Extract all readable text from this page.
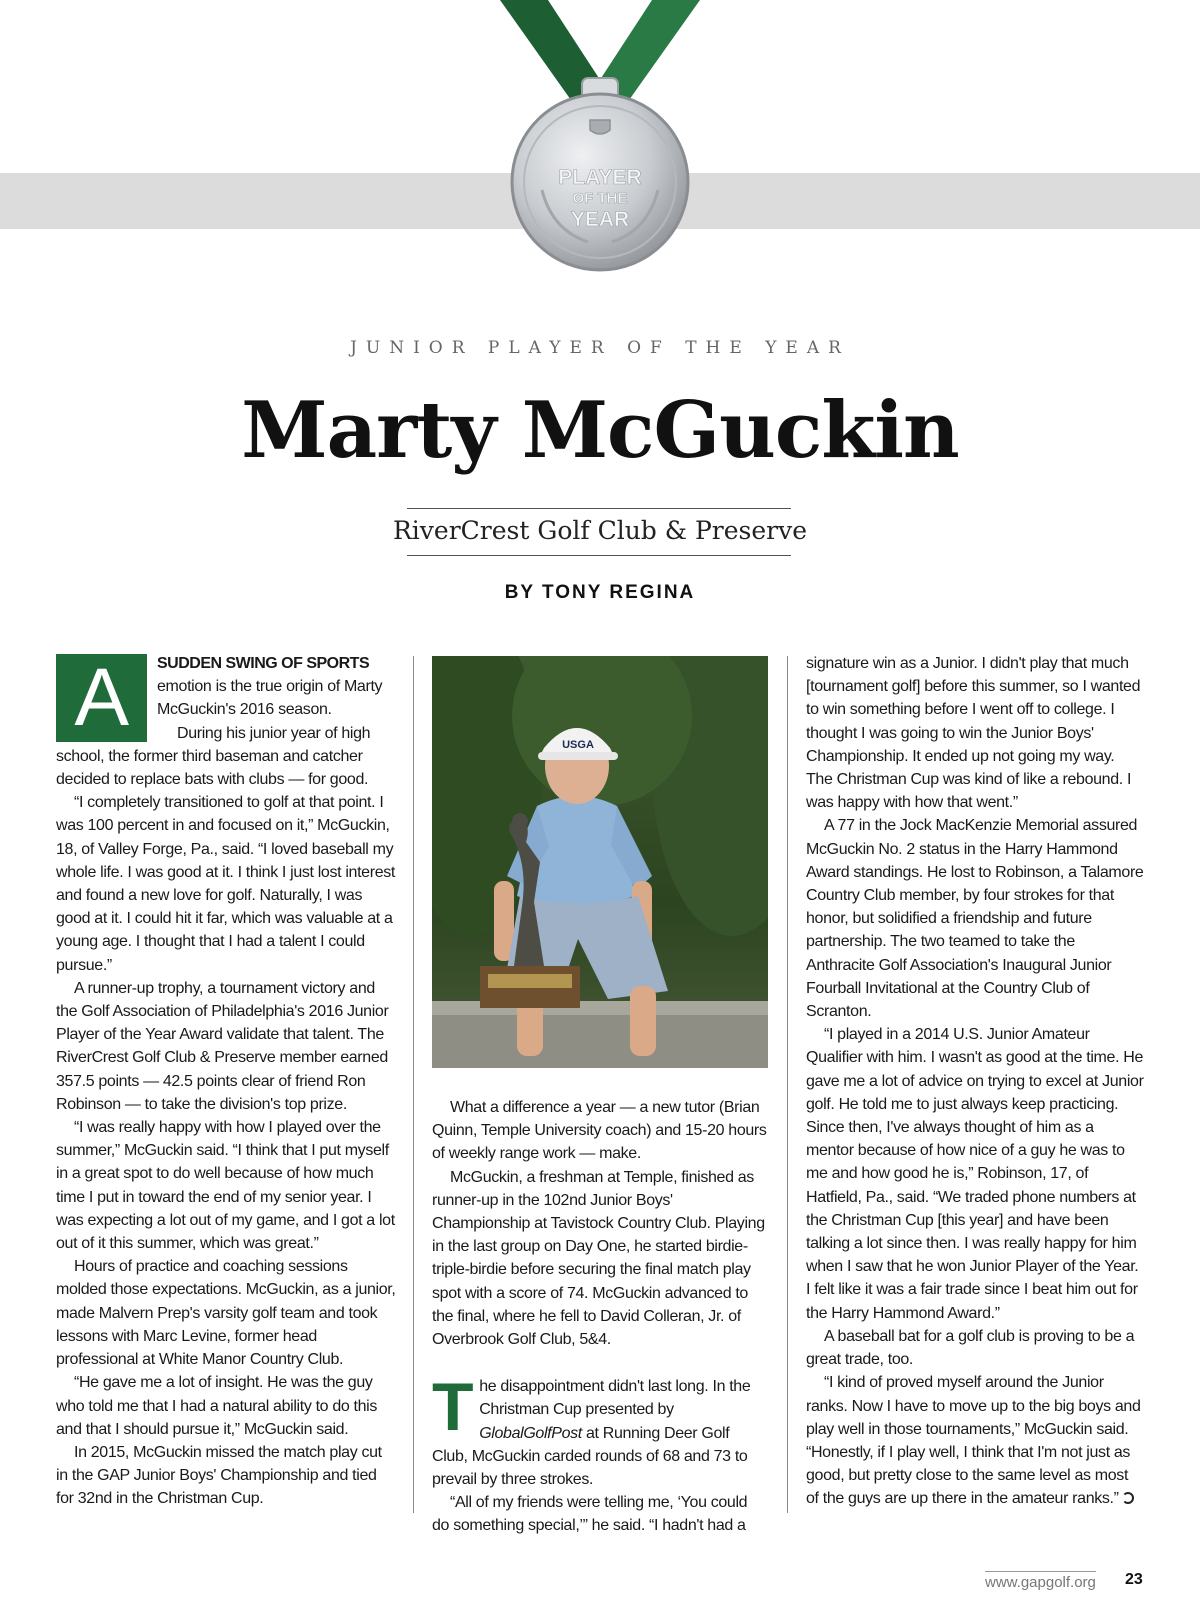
PLAYER
OF THE
YEAR
JUNIOR PLAYER OF THE YEAR
Marty McGuckin
RiverCrest Golf Club & Preserve
BY TONY REGINA
A	SUDDEN SWING OF SPORTS
emotion is the true origin of Marty McGuckin's 2016 season.

During his junior year of high school, the former third baseman and catcher decided to replace bats with clubs — for good.

“I completely transitioned to golf at that point. I was 100 percent in and focused on it,” McGuckin, 18, of Valley Forge, Pa., said. “I loved baseball my whole life. I was good at it. I think I just lost interest and found a new love for golf. Naturally, I was good at it. I could hit it far, which was valuable at a young age. I thought that I had a talent I could pursue.”

A runner-up trophy, a tournament victory and the Golf Association of Philadelphia's 2016 Junior Player of the Year Award validate that talent. The RiverCrest Golf Club & Preserve member earned 357.5 points — 42.5 points clear of friend Ron Robinson — to take the division's top prize.

“I was really happy with how I played over the summer,” McGuckin said. “I think that I put myself in a great spot to do well because of how much time I put in toward the end of my senior year. I was expecting a lot out of my game, and I got a lot out of it this summer, which was great.”

Hours of practice and coaching sessions molded those expectations. McGuckin, as a junior, made Malvern Prep's varsity golf team and took lessons with Marc Levine, former head professional at White Manor Country Club.

“He gave me a lot of insight. He was the guy who told me that I had a natural ability to do this and that I should pursue it,” McGuckin said.

In 2015, McGuckin missed the match play cut in the GAP Junior Boys' Championship and tied for 32nd in the Christman Cup.

USGA

What a difference a year — a new tutor (Brian Quinn, Temple University coach) and 15-20 hours of weekly range work — make.

McGuckin, a freshman at Temple, finished as runner-up in the 102nd Junior Boys' Championship at Tavistock Country Club. Playing in the last group on Day One, he started birdie-triple-birdie before securing the final match play spot with a score of 74. McGuckin advanced to the final, where he fell to David Colleran, Jr. of Overbrook Golf Club, 5&4.

The disappointment didn't last long. In the Christman Cup presented by GlobalGolfPost at Running Deer Golf Club, McGuckin carded rounds of 68 and 73 to prevail by three strokes.

“All of my friends were telling me, ‘You could do something special,’” he said. “I hadn't had a

signature win as a Junior. I didn't play that much [tournament golf] before this summer, so I wanted to win something before I went off to college. I thought I was going to win the Junior Boys' Championship. It ended up not going my way. The Christman Cup was kind of like a rebound. I was happy with how that went.”

A 77 in the Jock MacKenzie Memorial assured McGuckin No. 2 status in the Harry Hammond Award standings. He lost to Robinson, a Talamore Country Club member, by four strokes for that honor, but solidified a friendship and future partnership. The two teamed to take the Anthracite Golf Association's Inaugural Junior Fourball Invitational at the Country Club of Scranton.

“I played in a 2014 U.S. Junior Amateur Qualifier with him. I wasn't as good at the time. He gave me a lot of advice on trying to excel at Junior golf. He told me to just always keep practicing. Since then, I've always thought of him as a mentor because of how nice of a guy he was to me and how good he is,” Robinson, 17, of Hatfield, Pa., said. “We traded phone numbers at the Christman Cup [this year] and have been talking a lot since then. I was really happy for him when I saw that he won Junior Player of the Year. I felt like it was a fair trade since I beat him out for the Harry Hammond Award.”

A baseball bat for a golf club is proving to be a great trade, too.

“I kind of proved myself around the Junior ranks. Now I have to move up to the big boys and play well in those tournaments,” McGuckin said. “Honestly, if I play well, I think that I'm not just as good, but pretty close to the same level as most of the guys are up there in the amateur ranks.”

www.gapgolf.org 23
